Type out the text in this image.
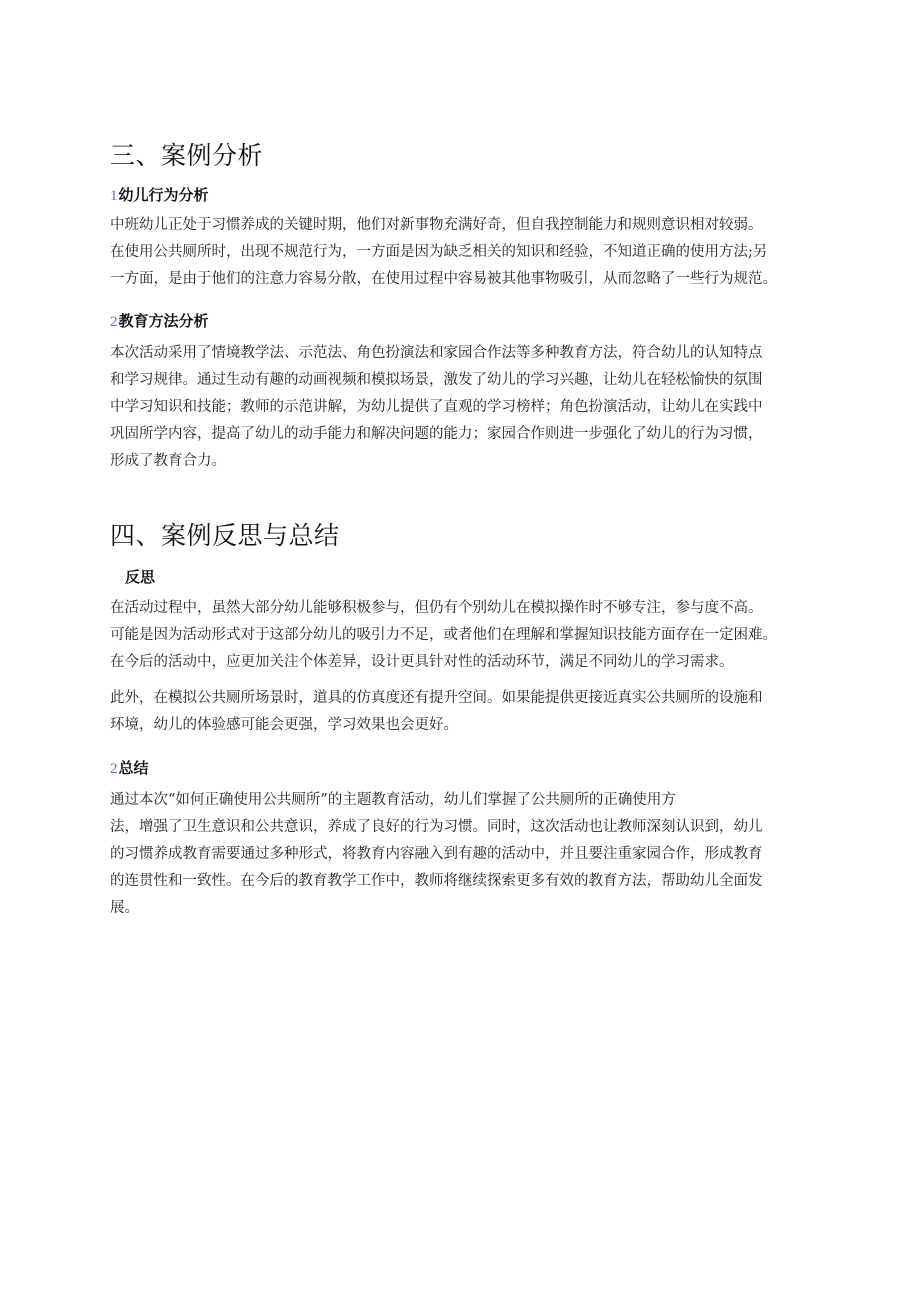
三、案例分析
1幼儿行为分析
中班幼儿正处于习惯养成的关键时期，他们对新事物充满好奇，但自我控制能力和规则意识相对较弱。
在使用公共厕所时，出现不规范行为，一方面是因为缺乏相关的知识和经验，不知道正确的使用方法;另
一方面，是由于他们的注意力容易分散，在使用过程中容易被其他事物吸引，从而忽略了一些行为规范。
2教育方法分析
本次活动采用了情境教学法、示范法、角色扮演法和家园合作法等多种教育方法，符合幼儿的认知特点
和学习规律。通过生动有趣的动画视频和模拟场景，激发了幼儿的学习兴趣，让幼儿在轻松愉快的氛围
中学习知识和技能；教师的示范讲解，为幼儿提供了直观的学习榜样；角色扮演活动，让幼儿在实践中
巩固所学内容，提高了幼儿的动手能力和解决问题的能力；家园合作则进一步强化了幼儿的行为习惯，
形成了教育合力。
四、案例反思与总结
反思
在活动过程中，虽然大部分幼儿能够积极参与，但仍有个别幼儿在模拟操作时不够专注，参与度不高。
可能是因为活动形式对于这部分幼儿的吸引力不足，或者他们在理解和掌握知识技能方面存在一定困难。
在今后的活动中，应更加关注个体差异，设计更具针对性的活动环节，满足不同幼儿的学习需求。
此外，在模拟公共厕所场景时，道具的仿真度还有提升空间。如果能提供更接近真实公共厕所的设施和
环境，幼儿的体验感可能会更强，学习效果也会更好。
2总结
通过本次“如何正确使用公共厕所”的主题教育活动，幼儿们掌握了公共厕所的正确使用方
法，增强了卫生意识和公共意识，养成了良好的行为习惯。同时，这次活动也让教师深刻认识到，幼儿
的习惯养成教育需要通过多种形式，将教育内容融入到有趣的活动中，并且要注重家园合作，形成教育
的连贯性和一致性。在今后的教育教学工作中，教师将继续探索更多有效的教育方法，帮助幼儿全面发
展。
